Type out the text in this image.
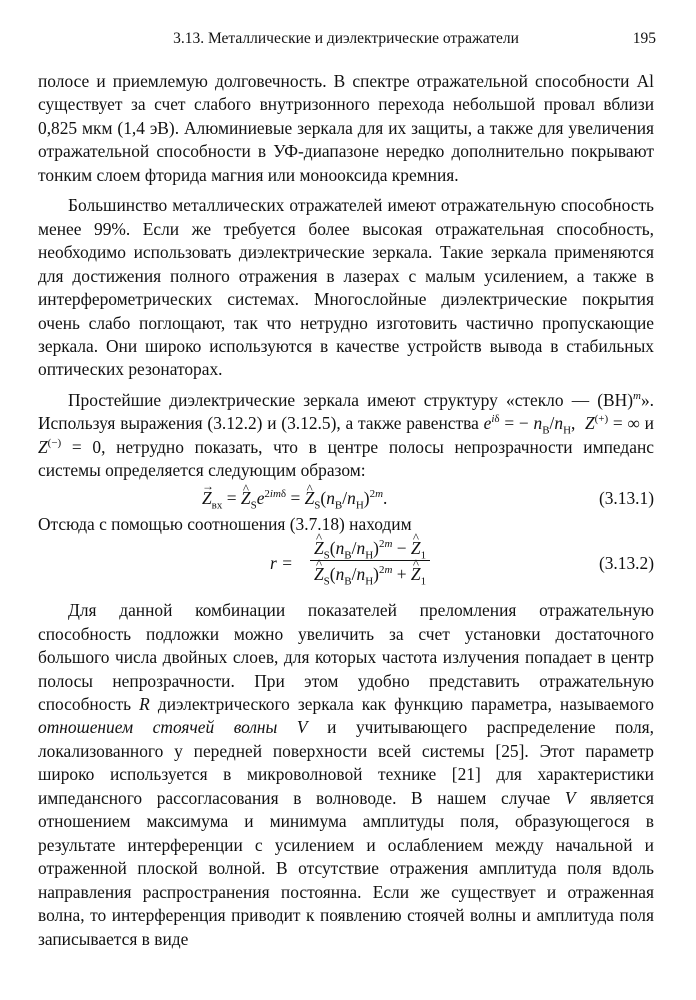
3.13. Металлические и диэлектрические отражатели	195

полосе и приемлемую долговечность. В спектре отражательной способности Al существует за счет слабого внутризонного перехода небольшой провал вблизи 0,825 мкм (1,4 эВ). Алюминиевые зеркала для их защиты, а также для увеличения отражательной способности в УФ-диапазоне нередко дополнительно покрывают тонким слоем фторида магния или монооксида кремния.

Большинство металлических отражателей имеют отражательную способность менее 99%. Если же требуется более высокая отражательная способность, необходимо использовать диэлектрические зеркала. Такие зеркала применяются для достижения полного отражения в лазерах с малым усилением, а также в интерферометрических системах. Многослойные диэлектрические покрытия очень слабо поглощают, так что нетрудно изготовить частично пропускающие зеркала. Они широко используются в качестве устройств вывода в стабильных оптических резонаторах.

Простейшие диэлектрические зеркала имеют структуру «стекло — (ВН)$^m$». Используя выражения (3.12.2) и (3.12.5), а также равенства $e^{i\delta}$ = − $n_В/n_Н$,  Z(+) = ∞ и Z(−) = 0, нетрудно показать, что в центре полосы непрозрачности импеданс системы определяется следующим образом:

→ $Z_{вх}$ = ^ $Z_Se^{2im\delta}$ = ^ $Z_S(n_В/n_Н)^{2m}$.	(3.13.1)

Отсюда с помощью соотношения (3.7.18) находим

r =
^ $Z_S(n_В/n_Н)^{2m}$ − ^ $Z_1$
^ $Z_S(n_В/n_Н)^{2m}$ + ^ $Z_1$
(3.13.2)

Для данной комбинации показателей преломления отражательную способность подложки можно увеличить за счет установки достаточного большого числа двойных слоев, для которых частота излучения попадает в центр полосы непрозрачности. При этом удобно представить отражательную способность R диэлектрического зеркала как функцию параметра, называемого отношением стоячей волны V и учитывающего распределение поля, локализованного у передней поверхности всей системы [25]. Этот параметр широко используется в микроволновой технике [21] для характеристики импедансного рассогласования в волноводе. В нашем случае V является отношением максимума и минимума амплитуды поля, образующегося в результате интерференции с усилением и ослаблением между начальной и отраженной плоской волной. В отсутствие отражения амплитуда поля вдоль направления распространения постоянна. Если же существует и отраженная волна, то интерференция приводит к появлению стоячей волны и амплитуда поля записывается в виде
